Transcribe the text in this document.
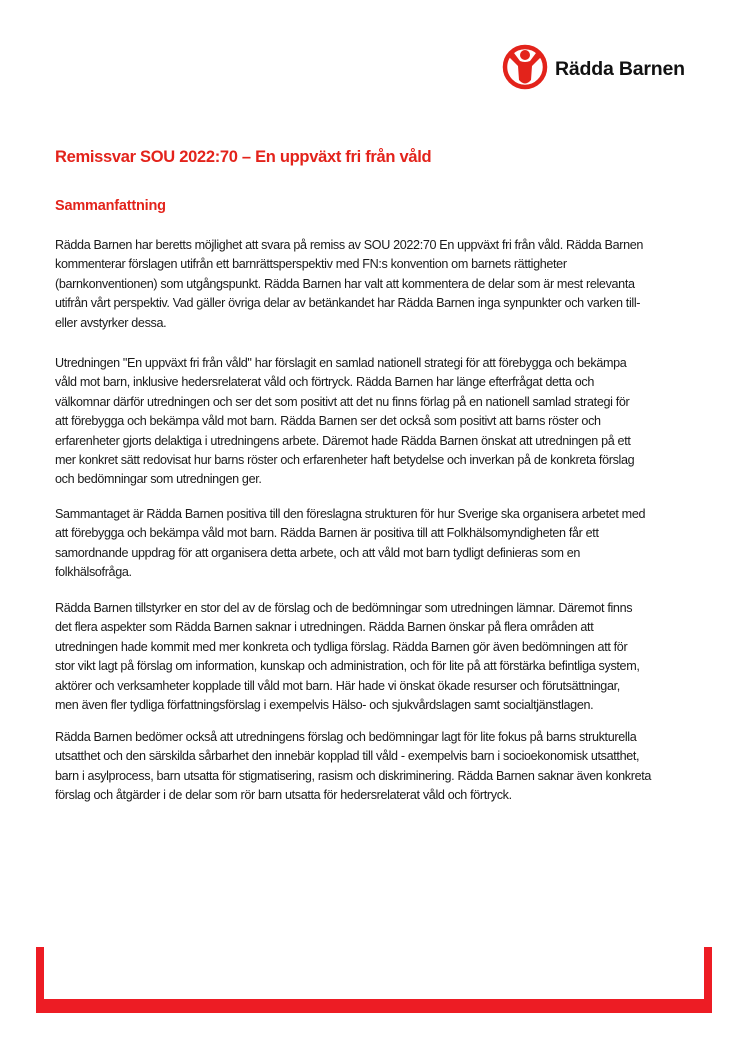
Rädda Barnen
Remissvar SOU 2022:70 – En uppväxt fri från våld
Sammanfattning
Rädda Barnen har beretts möjlighet att svara på remiss av SOU 2022:70 En uppväxt fri från våld. Rädda Barnen
kommenterar förslagen utifrån ett barnrättsperspektiv med FN:s konvention om barnets rättigheter
(barnkonventionen) som utgångspunkt. Rädda Barnen har valt att kommentera de delar som är mest relevanta
utifrån vårt perspektiv. Vad gäller övriga delar av betänkandet har Rädda Barnen inga synpunkter och varken till-
eller avstyrker dessa.
Utredningen "En uppväxt fri från våld" har förslagit en samlad nationell strategi för att förebygga och bekämpa
våld mot barn, inklusive hedersrelaterat våld och förtryck. Rädda Barnen har länge efterfrågat detta och
välkomnar därför utredningen och ser det som positivt att det nu finns förlag på en nationell samlad strategi för
att förebygga och bekämpa våld mot barn. Rädda Barnen ser det också som positivt att barns röster och
erfarenheter gjorts delaktiga i utredningens arbete. Däremot hade Rädda Barnen önskat att utredningen på ett
mer konkret sätt redovisat hur barns röster och erfarenheter haft betydelse och inverkan på de konkreta förslag
och bedömningar som utredningen ger.
Sammantaget är Rädda Barnen positiva till den föreslagna strukturen för hur Sverige ska organisera arbetet med
att förebygga och bekämpa våld mot barn. Rädda Barnen är positiva till att Folkhälsomyndigheten får ett
samordnande uppdrag för att organisera detta arbete, och att våld mot barn tydligt definieras som en
folkhälsofråga.
Rädda Barnen tillstyrker en stor del av de förslag och de bedömningar som utredningen lämnar. Däremot finns
det flera aspekter som Rädda Barnen saknar i utredningen. Rädda Barnen önskar på flera områden att
utredningen hade kommit med mer konkreta och tydliga förslag. Rädda Barnen gör även bedömningen att för
stor vikt lagt på förslag om information, kunskap och administration, och för lite på att förstärka befintliga system,
aktörer och verksamheter kopplade till våld mot barn. Här hade vi önskat ökade resurser och förutsättningar,
men även fler tydliga författningsförslag i exempelvis Hälso- och sjukvårdslagen samt socialtjänstlagen.
Rädda Barnen bedömer också att utredningens förslag och bedömningar lagt för lite fokus på barns strukturella
utsatthet och den särskilda sårbarhet den innebär kopplad till våld - exempelvis barn i socioekonomisk utsatthet,
barn i asylprocess, barn utsatta för stigmatisering, rasism och diskriminering. Rädda Barnen saknar även konkreta
förslag och åtgärder i de delar som rör barn utsatta för hedersrelaterat våld och förtryck.
